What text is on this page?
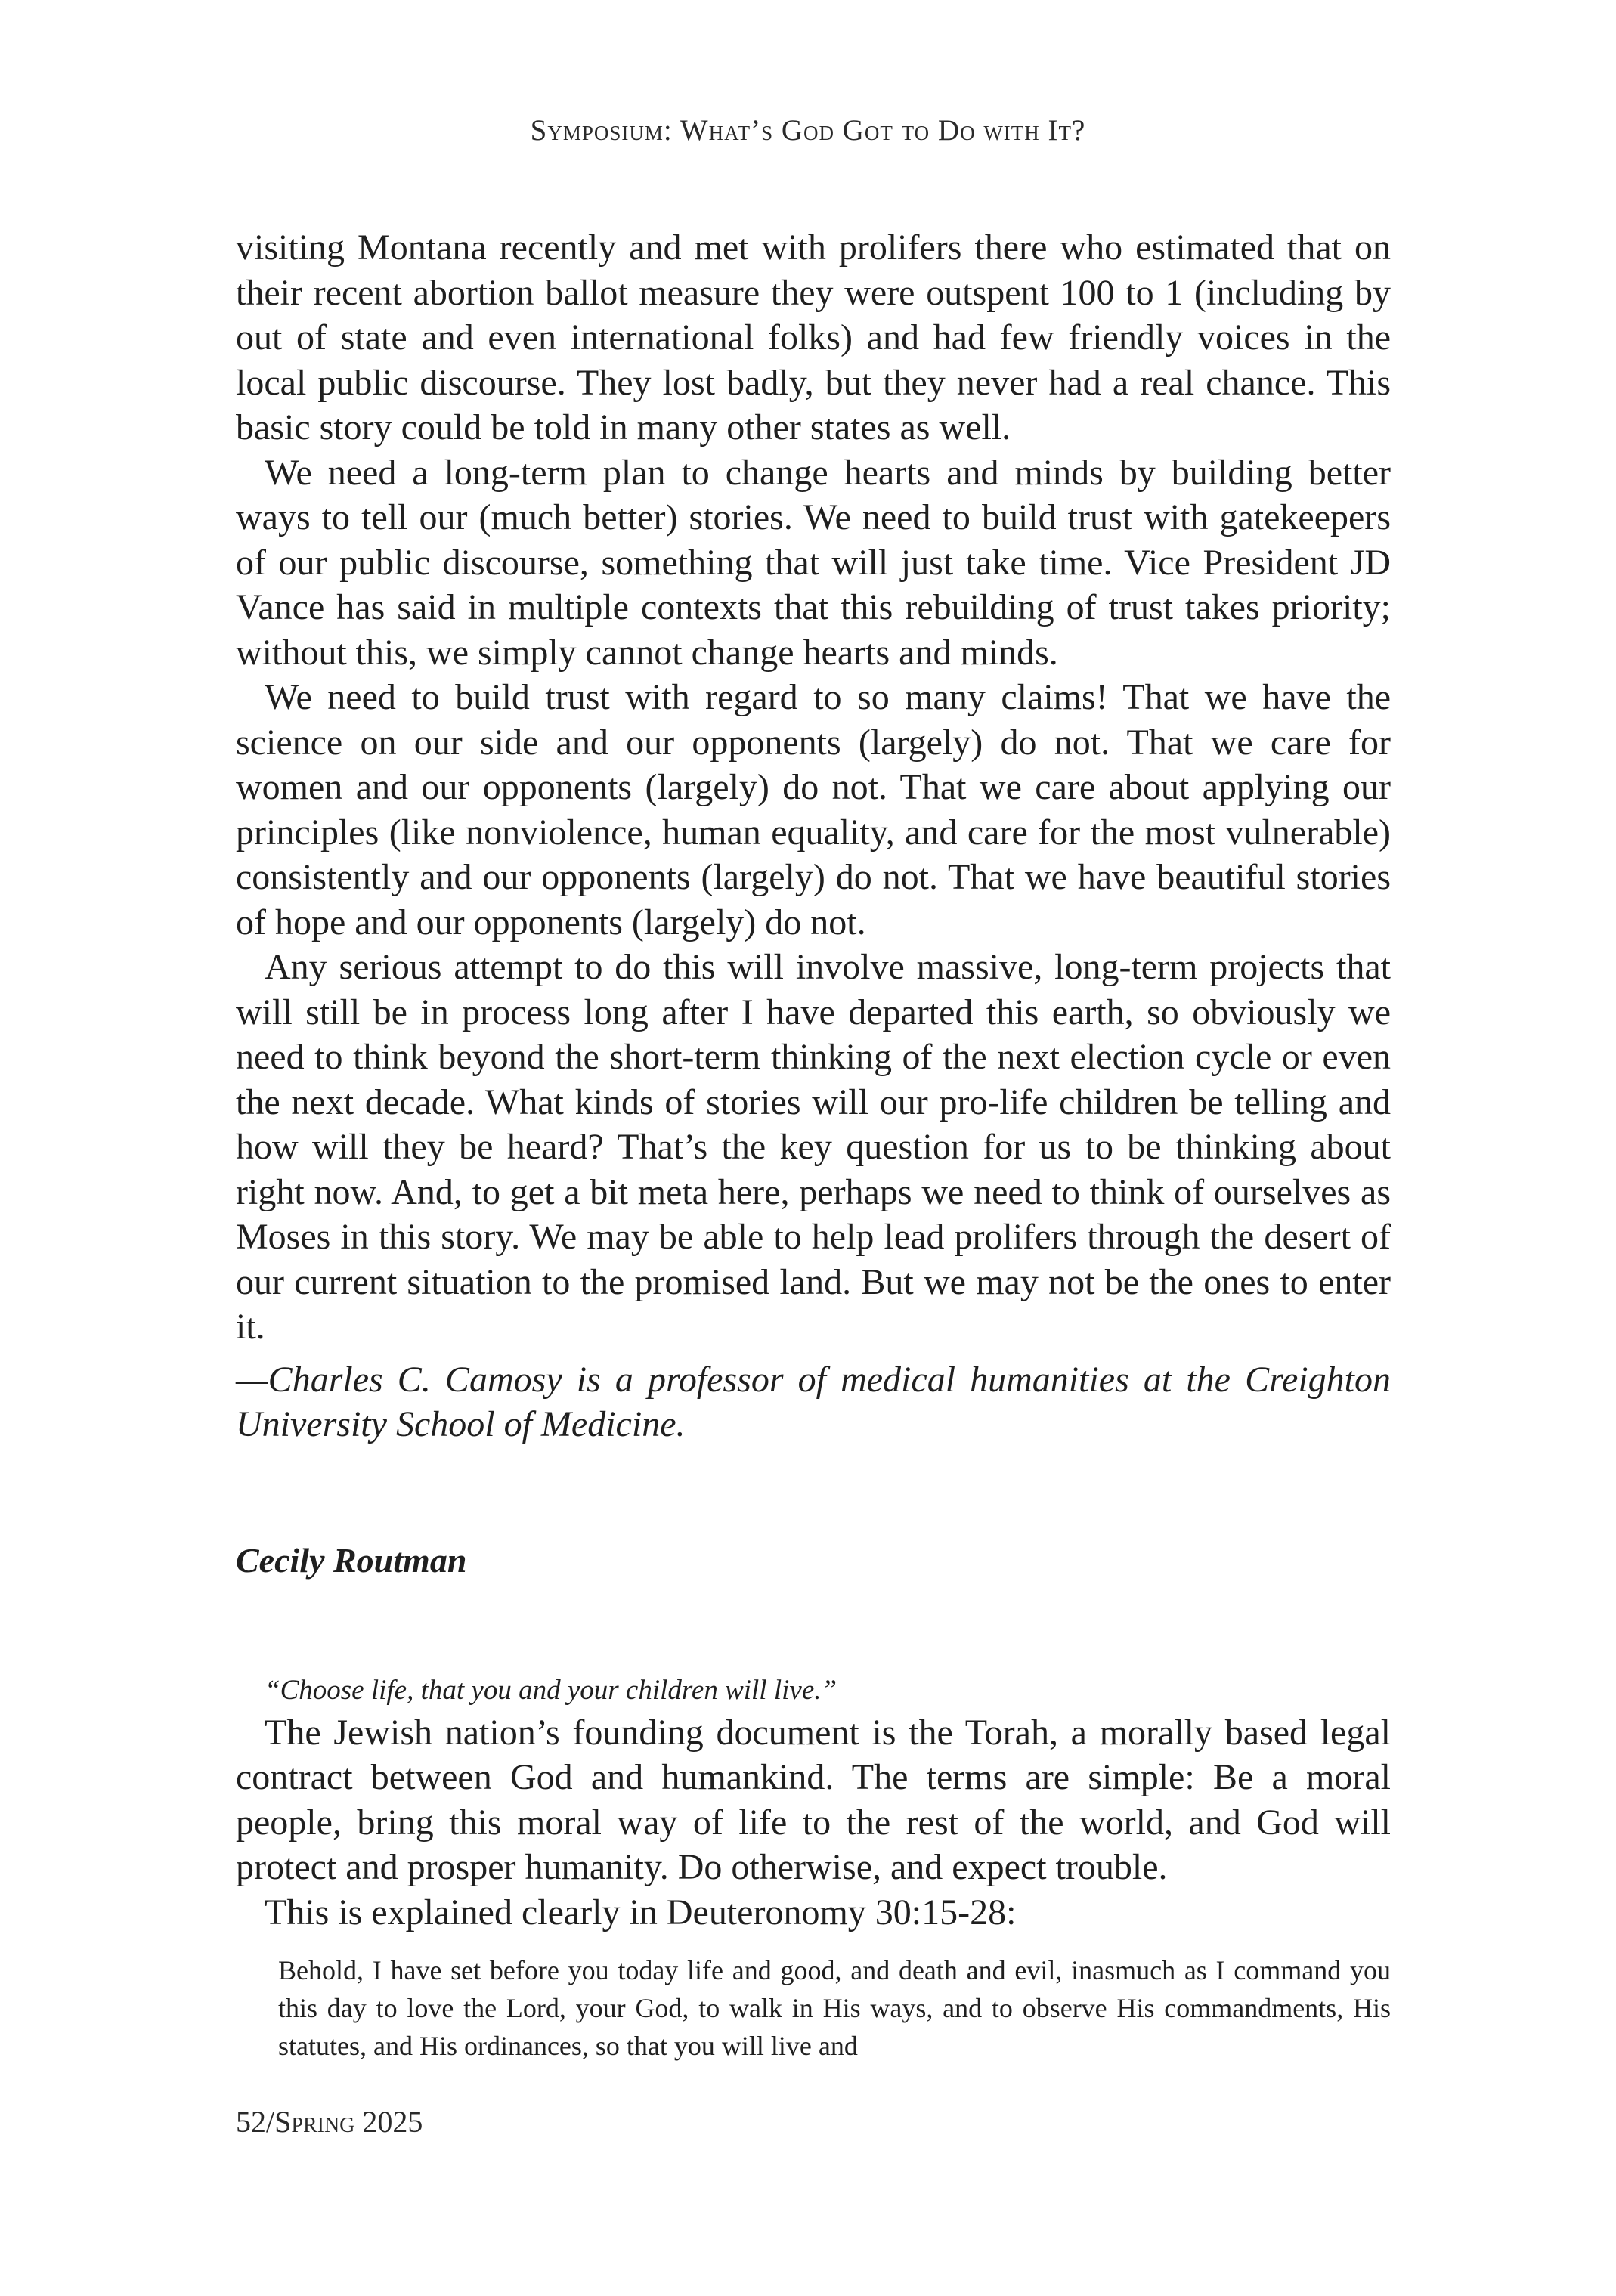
Symposium: What’s God Got to Do with It?

visiting Montana recently and met with prolifers there who estimated that on their recent abortion ballot measure they were outspent 100 to 1 (including by out of state and even international folks) and had few friendly voices in the local public discourse. They lost badly, but they never had a real chance. This basic story could be told in many other states as well.

We need a long-term plan to change hearts and minds by building better ways to tell our (much better) stories. We need to build trust with gatekeepers of our public discourse, something that will just take time. Vice President JD Vance has said in multiple contexts that this rebuilding of trust takes priority; without this, we simply cannot change hearts and minds.

We need to build trust with regard to so many claims! That we have the science on our side and our opponents (largely) do not. That we care for women and our opponents (largely) do not. That we care about applying our principles (like nonviolence, human equality, and care for the most vulnerable) consistently and our opponents (largely) do not. That we have beautiful stories of hope and our opponents (largely) do not.

Any serious attempt to do this will involve massive, long-term projects that will still be in process long after I have departed this earth, so obviously we need to think beyond the short-term thinking of the next election cycle or even the next decade. What kinds of stories will our pro-life children be telling and how will they be heard? That’s the key question for us to be thinking about right now. And, to get a bit meta here, perhaps we need to think of ourselves as Moses in this story. We may be able to help lead prolifers through the desert of our current situation to the promised land. But we may not be the ones to enter it.

—Charles C. Camosy is a professor of medical humanities at the Creighton University School of Medicine.

Cecily Routman

“Choose life, that you and your children will live.”

The Jewish nation’s founding document is the Torah, a morally based legal contract between God and humankind. The terms are simple: Be a moral people, bring this moral way of life to the rest of the world, and God will protect and prosper humanity. Do otherwise, and expect trouble.

This is explained clearly in Deuteronomy 30:15-28:

Behold, I have set before you today life and good, and death and evil, inasmuch as I command you this day to love the Lord, your God, to walk in His ways, and to observe His commandments, His statutes, and His ordinances, so that you will live and

52/Spring 2025
